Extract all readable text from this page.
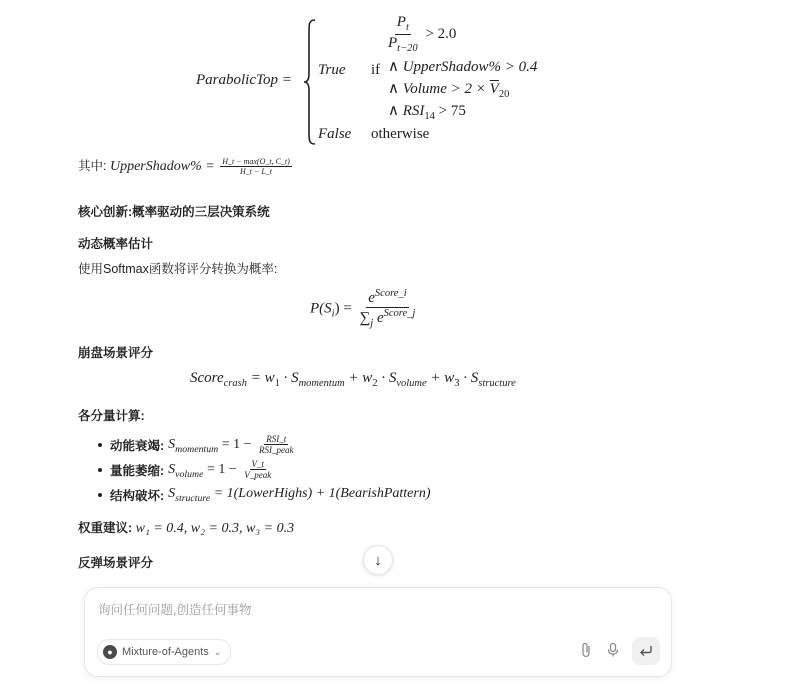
ParabolicTop =
True if
$\frac{P_t}{P_{t-20}} > 2.0$
∧ UpperShadow% > 0.4
∧ Volume > $2 \times \overline{V}_{20}$
∧ $RSI_{14} > 75$
False otherwise
其中: UpperShadow% = $\frac{H\_t - \max(O\_t, C\_t)}{H\_t - L\_t}$
核心创新:概率驱动的三层决策系统
动态概率估计
使用Softmax函数将评分转换为概率:
$P(S_i) = \frac{e^{Score\_i}}{\sum_j e^{Score\_j}}$
崩盘场景评分
Score$_{crash}$ = $w_1 \cdot S_{momentum} + w_2 \cdot S_{volume} + w_3 \cdot S_{structure}$
各分量计算:
动能衰竭: $S_{momentum} = 1 - \frac{\text{RSI\_t}}{\text{RSI\_peak}}$
量能萎缩: $S_{volume} = 1 - \frac{V\_t}{\text{V\_peak}}$
结构破坏: $S_{structure}$ = 1(LowerHighs) + 1(BearishPattern)
权重建议: w₁ = 0.4, w₂ = 0.3, w₃ = 0.3
反弹场景评分	↓
询问任何问题,创造任何事物
● Mixture-of-Agents ⌄
